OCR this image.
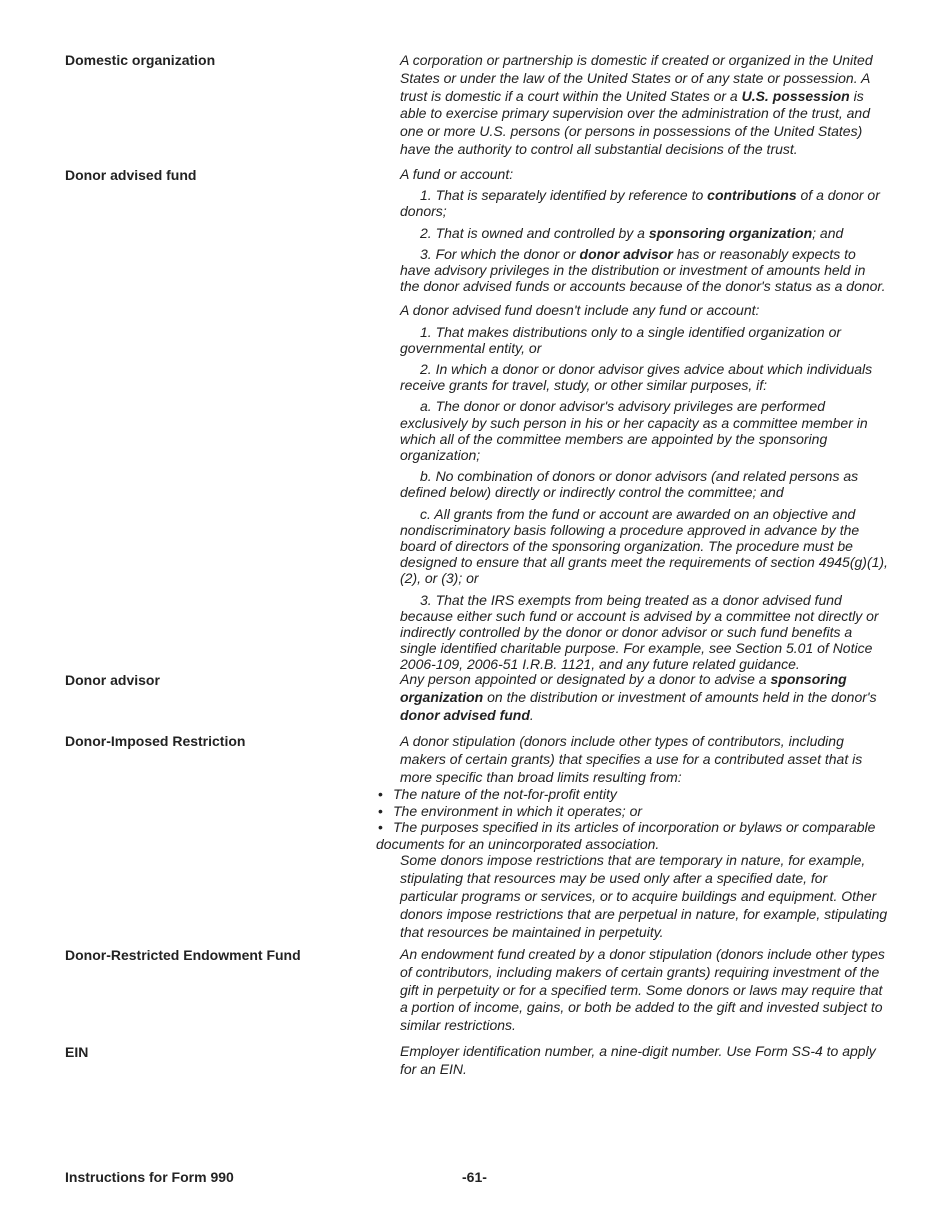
Domestic organization	A corporation or partnership is domestic if created or organized in the United States or under the law of the United States or of any state or possession. A trust is domestic if a court within the United States or a U.S. possession is able to exercise primary supervision over the administration of the trust, and one or more U.S. persons (or persons in possessions of the United States) have the authority to control all substantial decisions of the trust.

Donor advised fund	A fund or account:

1. That is separately identified by reference to contributions of a donor or donors;

2. That is owned and controlled by a sponsoring organization; and

3. For which the donor or donor advisor has or reasonably expects to have advisory privileges in the distribution or investment of amounts held in the donor advised funds or accounts because of the donor's status as a donor.

A donor advised fund doesn't include any fund or account:

1. That makes distributions only to a single identified organization or governmental entity, or

2. In which a donor or donor advisor gives advice about which individuals receive grants for travel, study, or other similar purposes, if:

a. The donor or donor advisor's advisory privileges are performed exclusively by such person in his or her capacity as a committee member in which all of the committee members are appointed by the sponsoring organization;

b. No combination of donors or donor advisors (and related persons as defined below) directly or indirectly control the committee; and

c. All grants from the fund or account are awarded on an objective and nondiscriminatory basis following a procedure approved in advance by the board of directors of the sponsoring organization. The procedure must be designed to ensure that all grants meet the requirements of section 4945(g)(1), (2), or (3); or

3. That the IRS exempts from being treated as a donor advised fund because either such fund or account is advised by a committee not directly or indirectly controlled by the donor or donor advisor or such fund benefits a single identified charitable purpose. For example, see Section 5.01 of Notice 2006-109, 2006-51 I.R.B. 1121, and any future related guidance.

Donor advisor	Any person appointed or designated by a donor to advise a sponsoring organization on the distribution or investment of amounts held in the donor's donor advised fund.

Donor-Imposed Restriction	A donor stipulation (donors include other types of contributors, including makers of certain grants) that specifies a use for a contributed asset that is more specific than broad limits resulting from:

• The nature of the not-for-profit entity

• The environment in which it operates; or

• The purposes specified in its articles of incorporation or bylaws or comparable documents for an unincorporated association.

Some donors impose restrictions that are temporary in nature, for example, stipulating that resources may be used only after a specified date, for particular programs or services, or to acquire buildings and equipment. Other donors impose restrictions that are perpetual in nature, for example, stipulating that resources be maintained in perpetuity.

Donor-Restricted Endowment Fund	An endowment fund created by a donor stipulation (donors include other types of contributors, including makers of certain grants) requiring investment of the gift in perpetuity or for a specified term. Some donors or laws may require that a portion of income, gains, or both be added to the gift and invested subject to similar restrictions.

EIN	Employer identification number, a nine-digit number. Use Form SS-4 to apply for an EIN.

Instructions for Form 990	-61-
